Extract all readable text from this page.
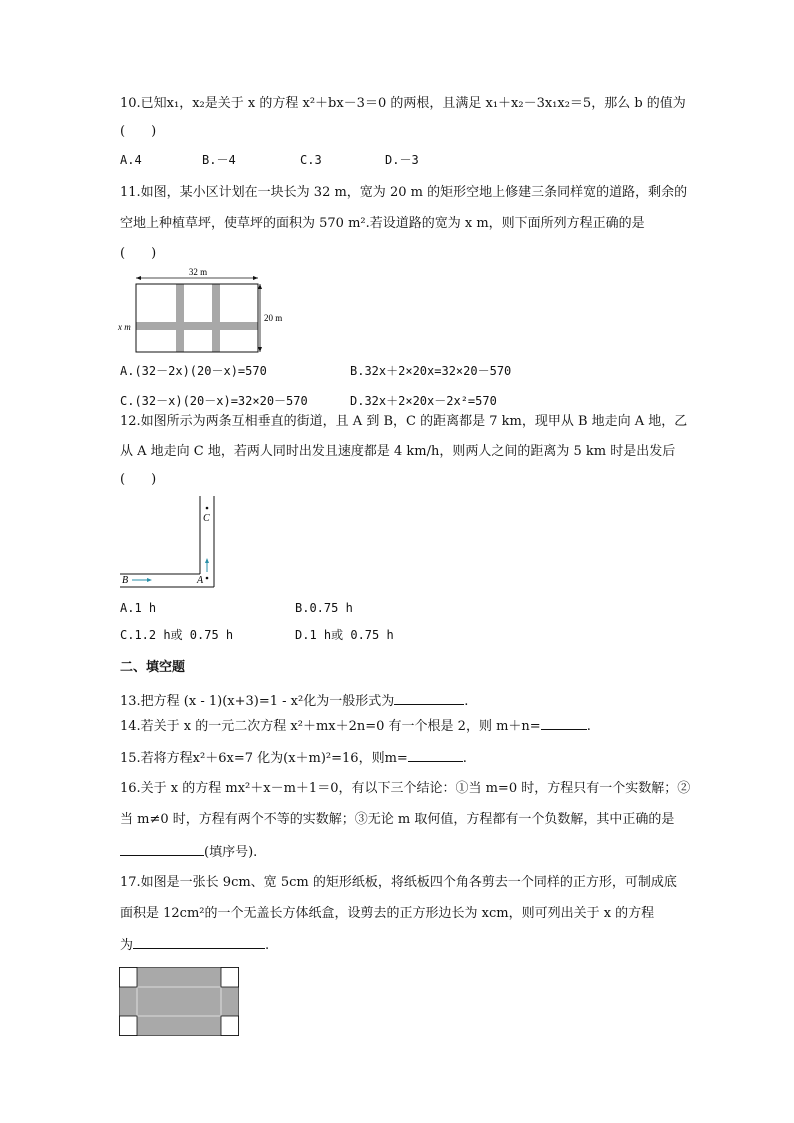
10.已知x₁，x₂是关于 x 的方程 x²＋bx－3＝0 的两根，且满足 x₁＋x₂－3x₁x₂＝5，那么 b 的值为
(　　)
A.4	B.－4	C.3	D.－3
11.如图，某小区计划在一块长为 32 m，宽为 20 m 的矩形空地上修建三条同样宽的道路，剩余的
空地上种植草坪，使草坪的面积为 570 m².若设道路的宽为 x m，则下面所列方程正确的是
(　　)
32 m
20 m
x m
A.(32－2x)(20－x)=570	B.32x＋2×20x=32×20－570
C.(32－x)(20－x)=32×20－570	D.32x＋2×20x－2x²=570
12.如图所示为两条互相垂直的街道，且 A 到 B，C 的距离都是 7 km，现甲从 B 地走向 A 地，乙
从 A 地走向 C 地，若两人同时出发且速度都是 4 km/h，则两人之间的距离为 5 km 时是出发后
(　　)
B	A
C
A.1 h	B.0.75 h
C.1.2 h或 0.75 h	D.1 h或 0.75 h
二、填空题
13.把方程 (x - 1)(x+3)=1 - x²化为一般形式为	.
14.若关于 x 的一元二次方程 x²＋mx＋2n=0 有一个根是 2，则 m＋n=	.
15.若将方程x²＋6x=7 化为(x＋m)²=16，则m=	.
16.关于 x 的方程 mx²＋x－m＋1＝0，有以下三个结论：①当 m=0 时，方程只有一个实数解；②
当 m≠0 时，方程有两个不等的实数解；③无论 m 取何值，方程都有一个负数解，其中正确的是
(填序号).
17.如图是一张长 9cm、宽 5cm 的矩形纸板，将纸板四个角各剪去一个同样的正方形，可制成底
面积是 12cm²的一个无盖长方体纸盒，设剪去的正方形边长为 xcm，则可列出关于 x 的方程
为	.
